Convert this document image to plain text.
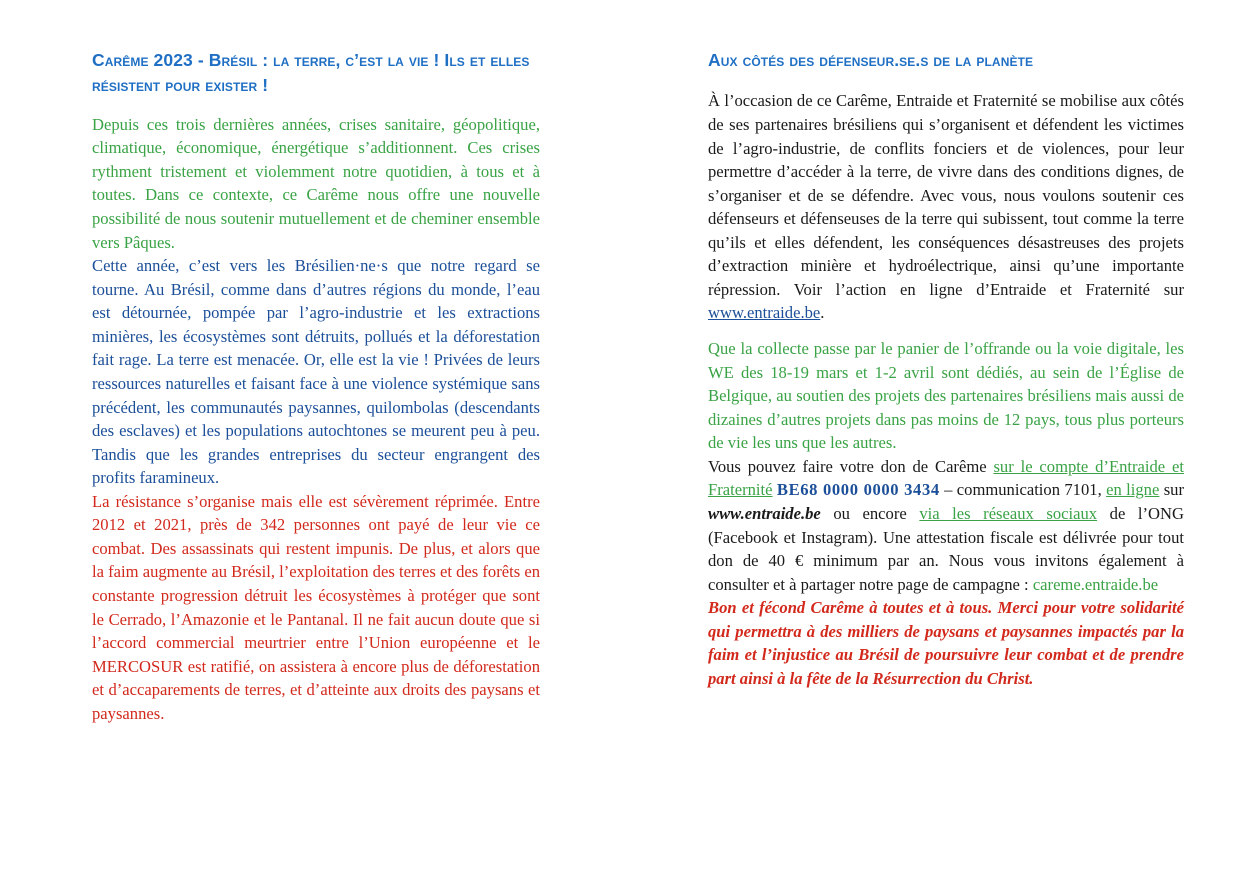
Carême 2023 - Brésil : la terre, c’est la vie ! Ils et elles résistent pour exister !

Depuis ces trois dernières années, crises sanitaire, géopolitique, climatique, économique, énergétique s’additionnent. Ces crises rythment tristement et violemment notre quotidien, à tous et à toutes. Dans ce contexte, ce Carême nous offre une nouvelle possibilité de nous soutenir mutuellement et de cheminer ensemble vers Pâques.

Cette année, c’est vers les Brésilien·ne·s que notre regard se tourne. Au Brésil, comme dans d’autres régions du monde, l’eau est détournée, pompée par l’agro-industrie et les extractions minières, les écosystèmes sont détruits, pollués et la déforestation fait rage. La terre est menacée. Or, elle est la vie ! Privées de leurs ressources naturelles et faisant face à une violence systémique sans précédent, les communautés paysannes, quilombolas (descendants des esclaves) et les populations autochtones se meurent peu à peu. Tandis que les grandes entreprises du secteur engrangent des profits faramineux.

La résistance s’organise mais elle est sévèrement réprimée. Entre 2012 et 2021, près de 342 personnes ont payé de leur vie ce combat. Des assassinats qui restent impunis. De plus, et alors que la faim augmente au Brésil, l’exploitation des terres et des forêts en constante progression détruit les écosystèmes à protéger que sont le Cerrado, l’Amazonie et le Pantanal. Il ne fait aucun doute que si l’accord commercial meurtrier entre l’Union européenne et le MERCOSUR est ratifié, on assistera à encore plus de déforestation et d’accaparements de terres, et d’atteinte aux droits des paysans et paysannes.

Aux côtés des défenseur.se.s de la planète

À l’occasion de ce Carême, Entraide et Fraternité se mobilise aux côtés de ses partenaires brésiliens qui s’organisent et défendent les victimes de l’agro-industrie, de conflits fonciers et de violences, pour leur permettre d’accéder à la terre, de vivre dans des conditions dignes, de s’organiser et de se défendre. Avec vous, nous voulons soutenir ces défenseurs et défenseuses de la terre qui subissent, tout comme la terre qu’ils et elles défendent, les conséquences désastreuses des projets d’extraction minière et hydroélectrique, ainsi qu’une importante répression. Voir l’action en ligne d’Entraide et Fraternité sur www.entraide.be.

Que la collecte passe par le panier de l’offrande ou la voie digitale, les WE des 18-19 mars et 1-2 avril sont dédiés, au sein de l’Église de Belgique, au soutien des projets des partenaires brésiliens mais aussi de dizaines d’autres projets dans pas moins de 12 pays, tous plus porteurs de vie les uns que les autres.

Vous pouvez faire votre don de Carême sur le compte d’Entraide et Fraternité BE68 0000 0000 3434 – communication 7101, en ligne sur www.entraide.be ou encore via les réseaux sociaux de l’ONG (Facebook et Instagram). Une attestation fiscale est délivrée pour tout don de 40 € minimum par an. Nous vous invitons également à consulter et à partager notre page de campagne : careme.entraide.be

Bon et fécond Carême à toutes et à tous. Merci pour votre solidarité qui permettra à des milliers de paysans et paysannes impactés par la faim et l’injustice au Brésil de poursuivre leur combat et de prendre part ainsi à la fête de la Résurrection du Christ.
